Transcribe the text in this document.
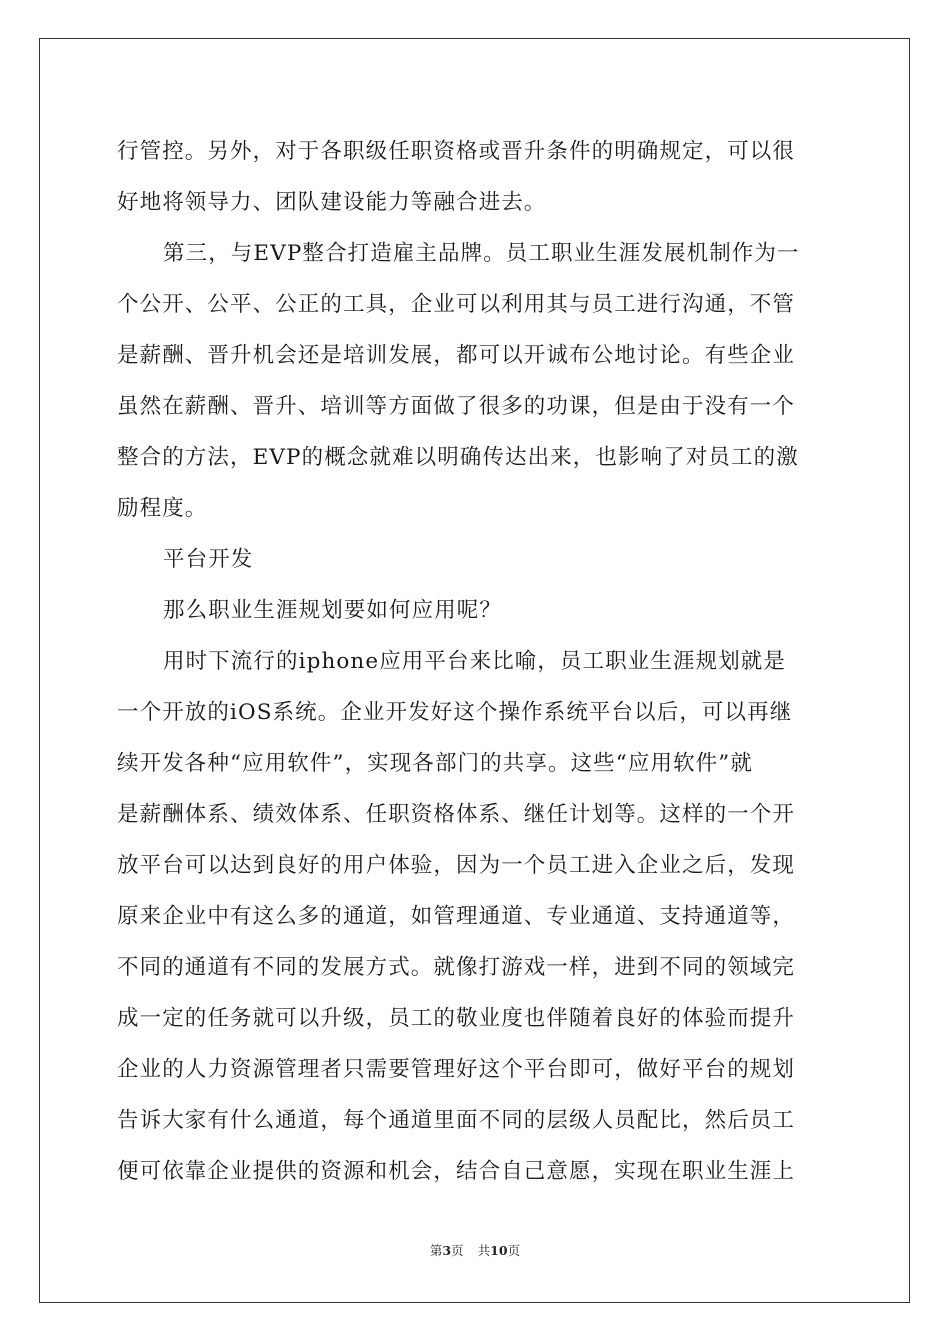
行管控。另外，对于各职级任职资格或晋升条件的明确规定，可以很
好地将领导力、团队建设能力等融合进去。
第三，与EVP整合打造雇主品牌。员工职业生涯发展机制作为一
个公开、公平、公正的工具，企业可以利用其与员工进行沟通，不管
是薪酬、晋升机会还是培训发展，都可以开诚布公地讨论。有些企业
虽然在薪酬、晋升、培训等方面做了很多的功课，但是由于没有一个
整合的方法，EVP的概念就难以明确传达出来，也影响了对员工的激
励程度。
平台开发
那么职业生涯规划要如何应用呢？
用时下流行的iphone应用平台来比喻，员工职业生涯规划就是
一个开放的iOS系统。企业开发好这个操作系统平台以后，可以再继
续开发各种“应用软件”，实现各部门的共享。这些“应用软件”就
是薪酬体系、绩效体系、任职资格体系、继任计划等。这样的一个开
放平台可以达到良好的用户体验，因为一个员工进入企业之后，发现
原来企业中有这么多的通道，如管理通道、专业通道、支持通道等，
不同的通道有不同的发展方式。就像打游戏一样，进到不同的领域完
成一定的任务就可以升级，员工的敬业度也伴随着良好的体验而提升
企业的人力资源管理者只需要管理好这个平台即可，做好平台的规划
告诉大家有什么通道，每个通道里面不同的层级人员配比，然后员工
便可依靠企业提供的资源和机会，结合自己意愿，实现在职业生涯上
第3页 共10页
